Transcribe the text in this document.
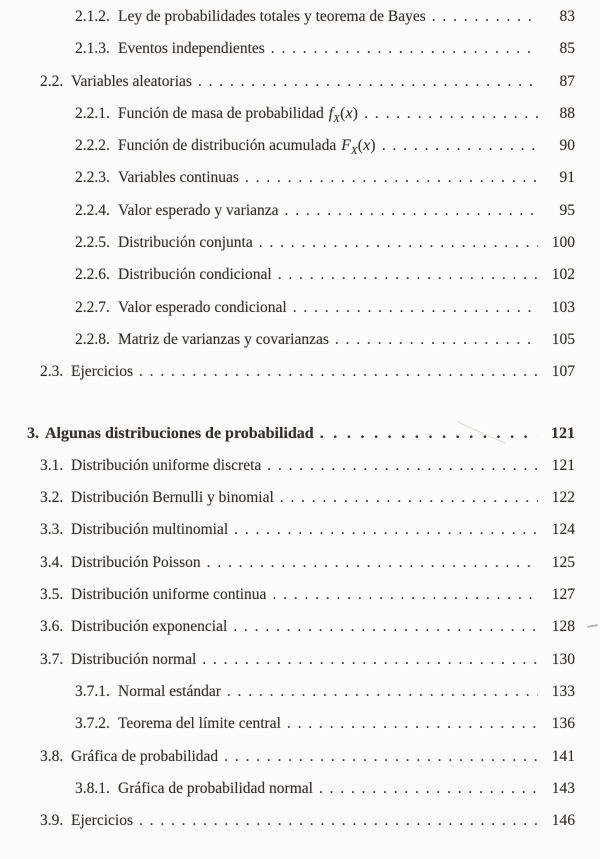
2.1.2. Ley de probabilidades totales y teorema de Bayes .....	83
2.1.3. Eventos independientes .....	85
2.2. Variables aleatorias .....	87
2.2.1. Función de masa de probabilidad $f_X(x)$ .....	88
2.2.2. Función de distribución acumulada $F_X(x)$ .....	90
2.2.3. Variables continuas .....	91
2.2.4. Valor esperado y varianza .....	95
2.2.5. Distribución conjunta .....	100
2.2.6. Distribución condicional .....	102
2.2.7. Valor esperado condicional .....	103
2.2.8. Matriz de varianzas y covarianzas .....	105
2.3. Ejercicios .....	107
3. Algunas distribuciones de probabilidad .....	121
3.1. Distribución uniforme discreta .....	121
3.2. Distribución Bernulli y binomial .....	122
3.3. Distribución multinomial .....	124
3.4. Distribución Poisson .....	125
3.5. Distribución uniforme continua .....	127
3.6. Distribución exponencial .....	128
3.7. Distribución normal .....	130
3.7.1. Normal estándar .....	133
3.7.2. Teorema del límite central .....	136
3.8. Gráfica de probabilidad .....	141
3.8.1. Gráfica de probabilidad normal .....	143
3.9. Ejercicios .....	146
